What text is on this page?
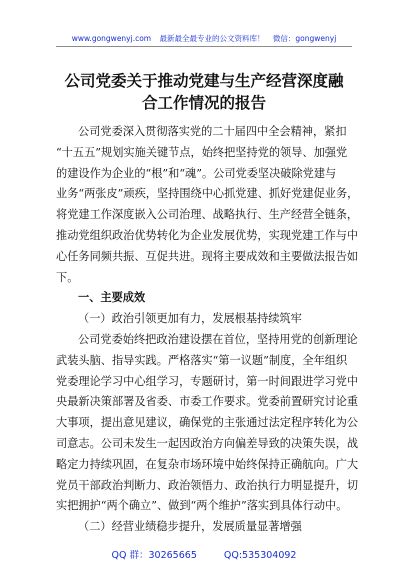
www.gongwenyj.com 最新最全最专业的公文资料库！ 微信：gongwenyj
公司党委关于推动党建与生产经营深度融
合工作情况的报告
公司党委深入贯彻落实党的二十届四中全会精神，紧扣
“十五五”规划实施关键节点，始终把坚持党的领导、加强党
的建设作为企业的“根”和“魂”。公司党委坚决破除党建与
业务“两张皮”顽疾，坚持围绕中心抓党建、抓好党建促业务，
将党建工作深度嵌入公司治理、战略执行、生产经营全链条，
推动党组织政治优势转化为企业发展优势，实现党建工作与中
心任务同频共振、互促共进。现将主要成效和主要做法报告如
下。
一、主要成效
（一）政治引领更加有力，发展根基持续筑牢
公司党委始终把政治建设摆在首位，坚持用党的创新理论
武装头脑、指导实践。严格落实“第一议题”制度，全年组织
党委理论学习中心组学习，专题研讨，第一时间跟进学习党中
央最新决策部署及省委、市委工作要求。党委前置研究讨论重
大事项，提出意见建议，确保党的主张通过法定程序转化为公
司意志。公司未发生一起因政治方向偏差导致的决策失误，战
略定力持续巩固，在复杂市场环境中始终保持正确航向。广大
党员干部政治判断力、政治领悟力、政治执行力明显提升，切
实把拥护“两个确立”、做到“两个维护”落实到具体行动中。
（二）经营业绩稳步提升，发展质量显著增强
QQ 群：30265665	QQ:535304092
